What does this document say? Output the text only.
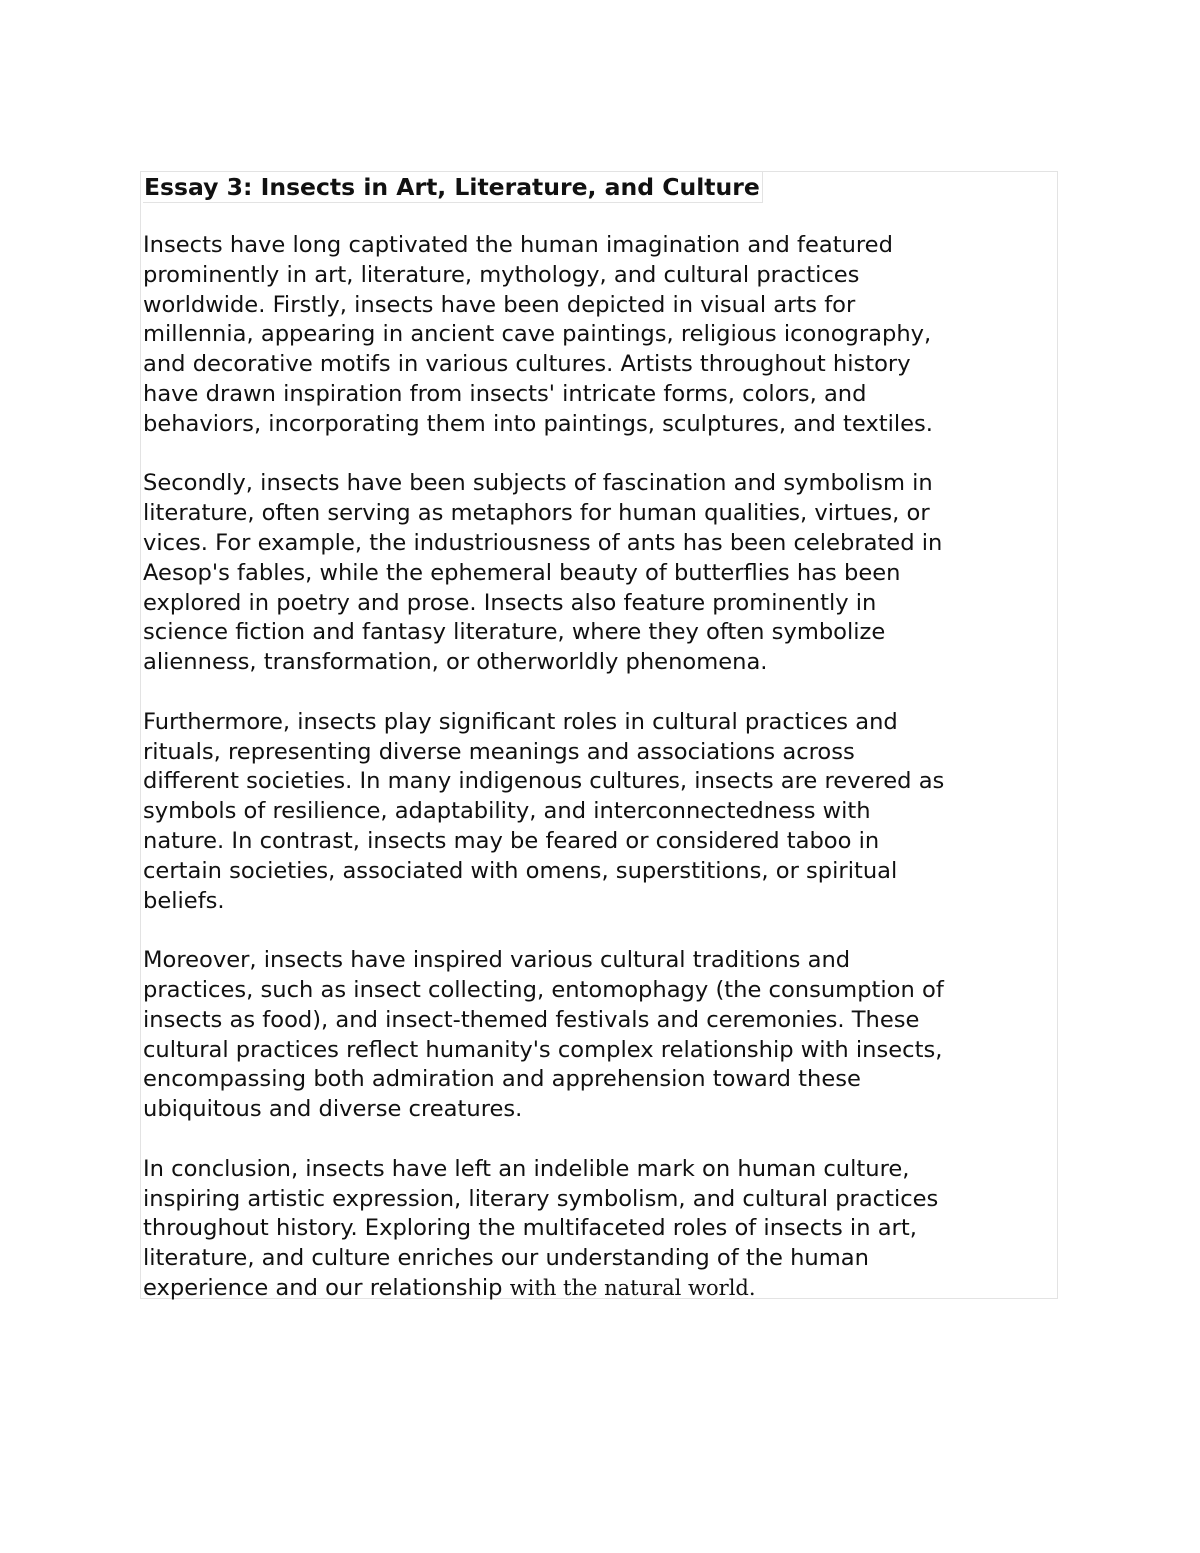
Essay 3: Insects in Art, Literature, and Culture
Insects have long captivated the human imagination and featured
prominently in art, literature, mythology, and cultural practices
worldwide. Firstly, insects have been depicted in visual arts for
millennia, appearing in ancient cave paintings, religious iconography,
and decorative motifs in various cultures. Artists throughout history
have drawn inspiration from insects' intricate forms, colors, and
behaviors, incorporating them into paintings, sculptures, and textiles.
Secondly, insects have been subjects of fascination and symbolism in
literature, often serving as metaphors for human qualities, virtues, or
vices. For example, the industriousness of ants has been celebrated in
Aesop's fables, while the ephemeral beauty of butterflies has been
explored in poetry and prose. Insects also feature prominently in
science fiction and fantasy literature, where they often symbolize
alienness, transformation, or otherworldly phenomena.
Furthermore, insects play significant roles in cultural practices and
rituals, representing diverse meanings and associations across
different societies. In many indigenous cultures, insects are revered as
symbols of resilience, adaptability, and interconnectedness with
nature. In contrast, insects may be feared or considered taboo in
certain societies, associated with omens, superstitions, or spiritual
beliefs.
Moreover, insects have inspired various cultural traditions and
practices, such as insect collecting, entomophagy (the consumption of
insects as food), and insect-themed festivals and ceremonies. These
cultural practices reflect humanity's complex relationship with insects,
encompassing both admiration and apprehension toward these
ubiquitous and diverse creatures.
In conclusion, insects have left an indelible mark on human culture,
inspiring artistic expression, literary symbolism, and cultural practices
throughout history. Exploring the multifaceted roles of insects in art,
literature, and culture enriches our understanding of the human
experience and our relationship with the natural world.
